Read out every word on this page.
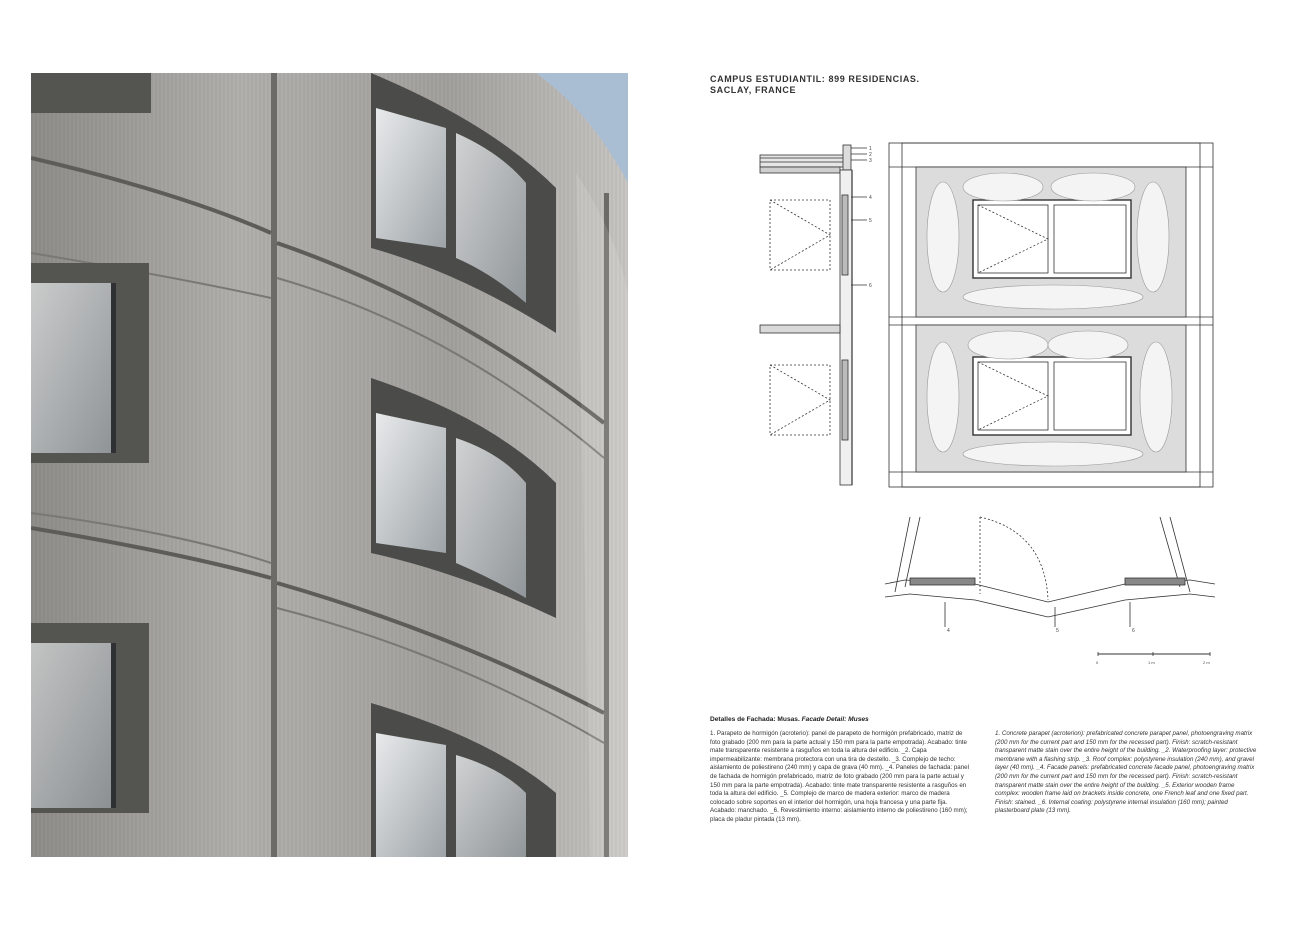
CAMPUS ESTUDIANTIL: 899 RESIDENCIAS.
SACLAY, FRANCE
1
2
3
4
5
6
4	5	6
0	1 m	2 m
Detalles de Fachada: Musas. Facade Detail: Muses
1. Parapeto de hormigón (acroterio): panel de parapeto de hormigón prefabricado, matriz de foto grabado (200 mm para la parte actual y 150 mm para la parte empotrada). Acabado: tinte mate transparente resistente a rasguños en toda la altura del edificio. _2. Capa impermeabilizante: membrana protectora con una tira de destello. _3. Complejo de techo: aislamiento de poliestireno (240 mm) y capa de grava (40 mm). _4. Paneles de fachada: panel de fachada de hormigón prefabricado, matriz de foto grabado (200 mm para la parte actual y 150 mm para la parte empotrada). Acabado: tinte mate transparente resistente a rasguños en toda la altura del edificio. _5. Complejo de marco de madera exterior: marco de madera colocado sobre soportes en el interior del hormigón, una hoja francesa y una parte fija. Acabado: manchado. _6. Revestimiento interno: aislamiento interno de poliestireno (160 mm); placa de pladur pintada (13 mm).
1. Concrete parapet (acroterion): prefabricated concrete parapet panel, photoengraving matrix (200 mm for the current part and 150 mm for the recessed part). Finish: scratch-resistant transparent matte stain over the entire height of the building. _2. Waterproofing layer: protective membrane with a flashing strip. _3. Roof complex: polystyrene insulation (240 mm), and gravel layer (40 mm). _4. Facade panels: prefabricated concrete facade panel, photoengraving matrix (200 mm for the current part and 150 mm for the recessed part). Finish: scratch-resistant transparent matte stain over the entire height of the building. _5. Exterior wooden frame complex: wooden frame laid on brackets inside concrete, one French leaf and one fixed part. Finish: stained. _6. Internal coating: polystyrene internal insulation (160 mm); painted plasterboard plate (13 mm).
